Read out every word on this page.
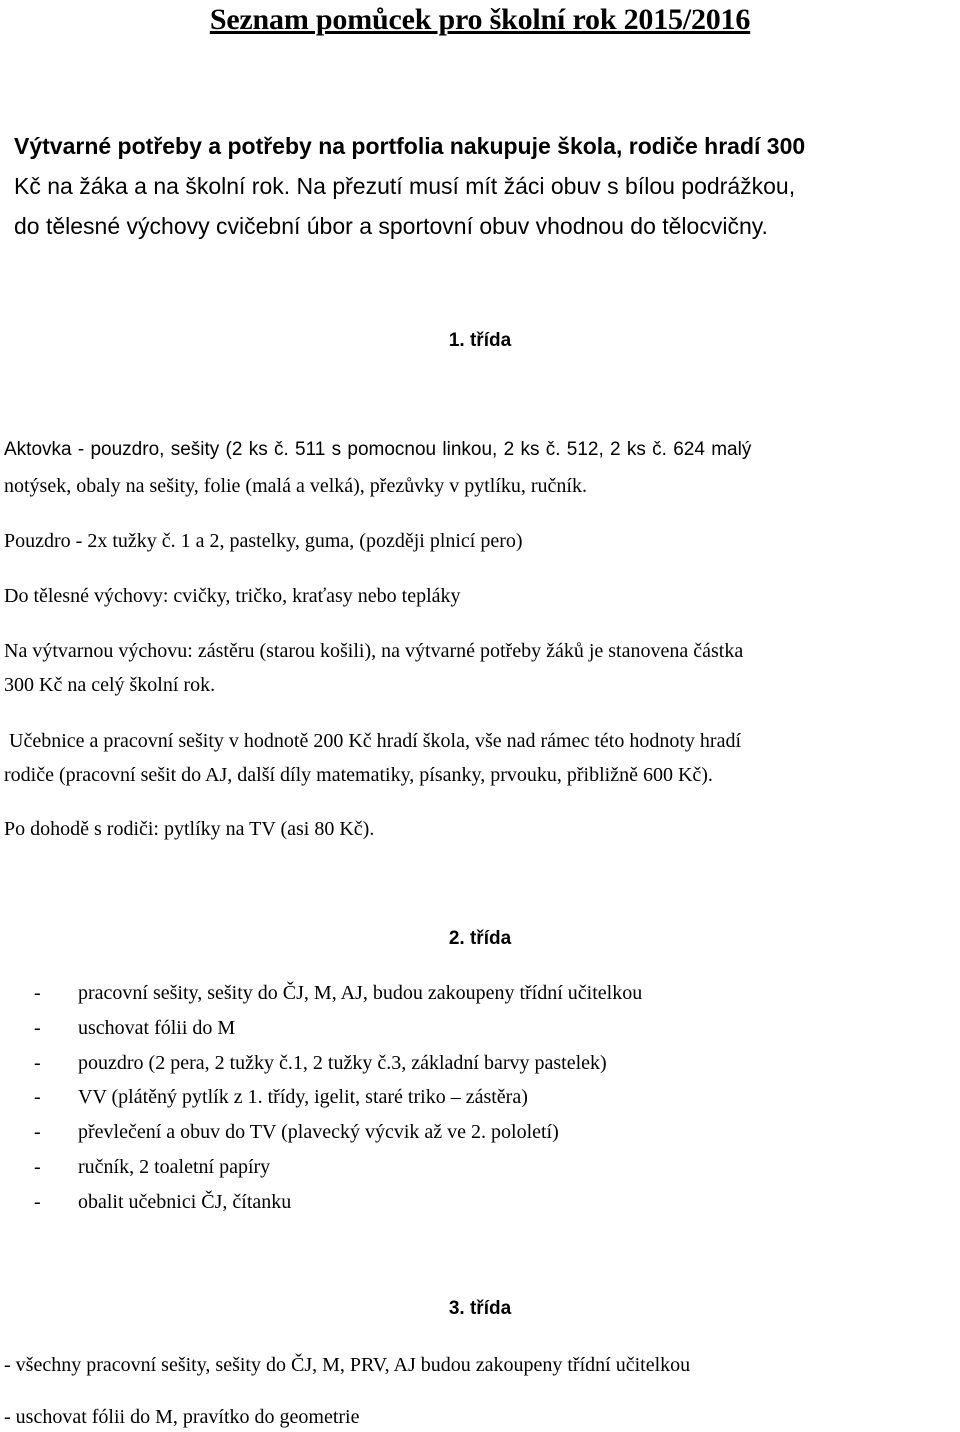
Seznam pomůcek pro školní rok 2015/2016

Výtvarné potřeby a potřeby na portfolia nakupuje škola, rodiče hradí 300

Kč na žáka a na školní rok. Na přezutí musí mít žáci obuv s bílou podrážkou,

do tělesné výchovy cvičební úbor a sportovní obuv vhodnou do tělocvičny.

1. třída
Aktovka - pouzdro, sešity (2 ks č. 511 s pomocnou linkou, 2 ks č. 512, 2 ks č. 624 malý
notýsek, obaly na sešity, folie (malá a velká), přezůvky v pytlíku, ručník.
Pouzdro - 2x tužky č. 1 a 2, pastelky, guma, (později plnicí pero)
Do tělesné výchovy: cvičky, tričko, kraťasy nebo tepláky
Na výtvarnou výchovu: zástěru (starou košili), na výtvarné potřeby žáků je stanovena částka
300 Kč na celý školní rok.
Učebnice a pracovní sešity v hodnotě 200 Kč hradí škola, vše nad rámec této hodnoty hradí
rodiče (pracovní sešit do AJ, další díly matematiky, písanky, prvouku, přibližně 600 Kč).
Po dohodě s rodiči: pytlíky na TV (asi 80 Kč).
2. třída
- pracovní sešity, sešity do ČJ, M, AJ, budou zakoupeny třídní učitelkou
- uschovat fólii do M
- pouzdro (2 pera, 2 tužky č.1, 2 tužky č.3, základní barvy pastelek)
- VV (plátěný pytlík z 1. třídy, igelit, staré triko – zástěra)
- převlečení a obuv do TV (plavecký výcvik až ve 2. pololetí)
- ručník, 2 toaletní papíry
- obalit učebnici ČJ, čítanku
3. třída
- všechny pracovní sešity, sešity do ČJ, M, PRV, AJ budou zakoupeny třídní učitelkou
- uschovat fólii do M, pravítko do geometrie
